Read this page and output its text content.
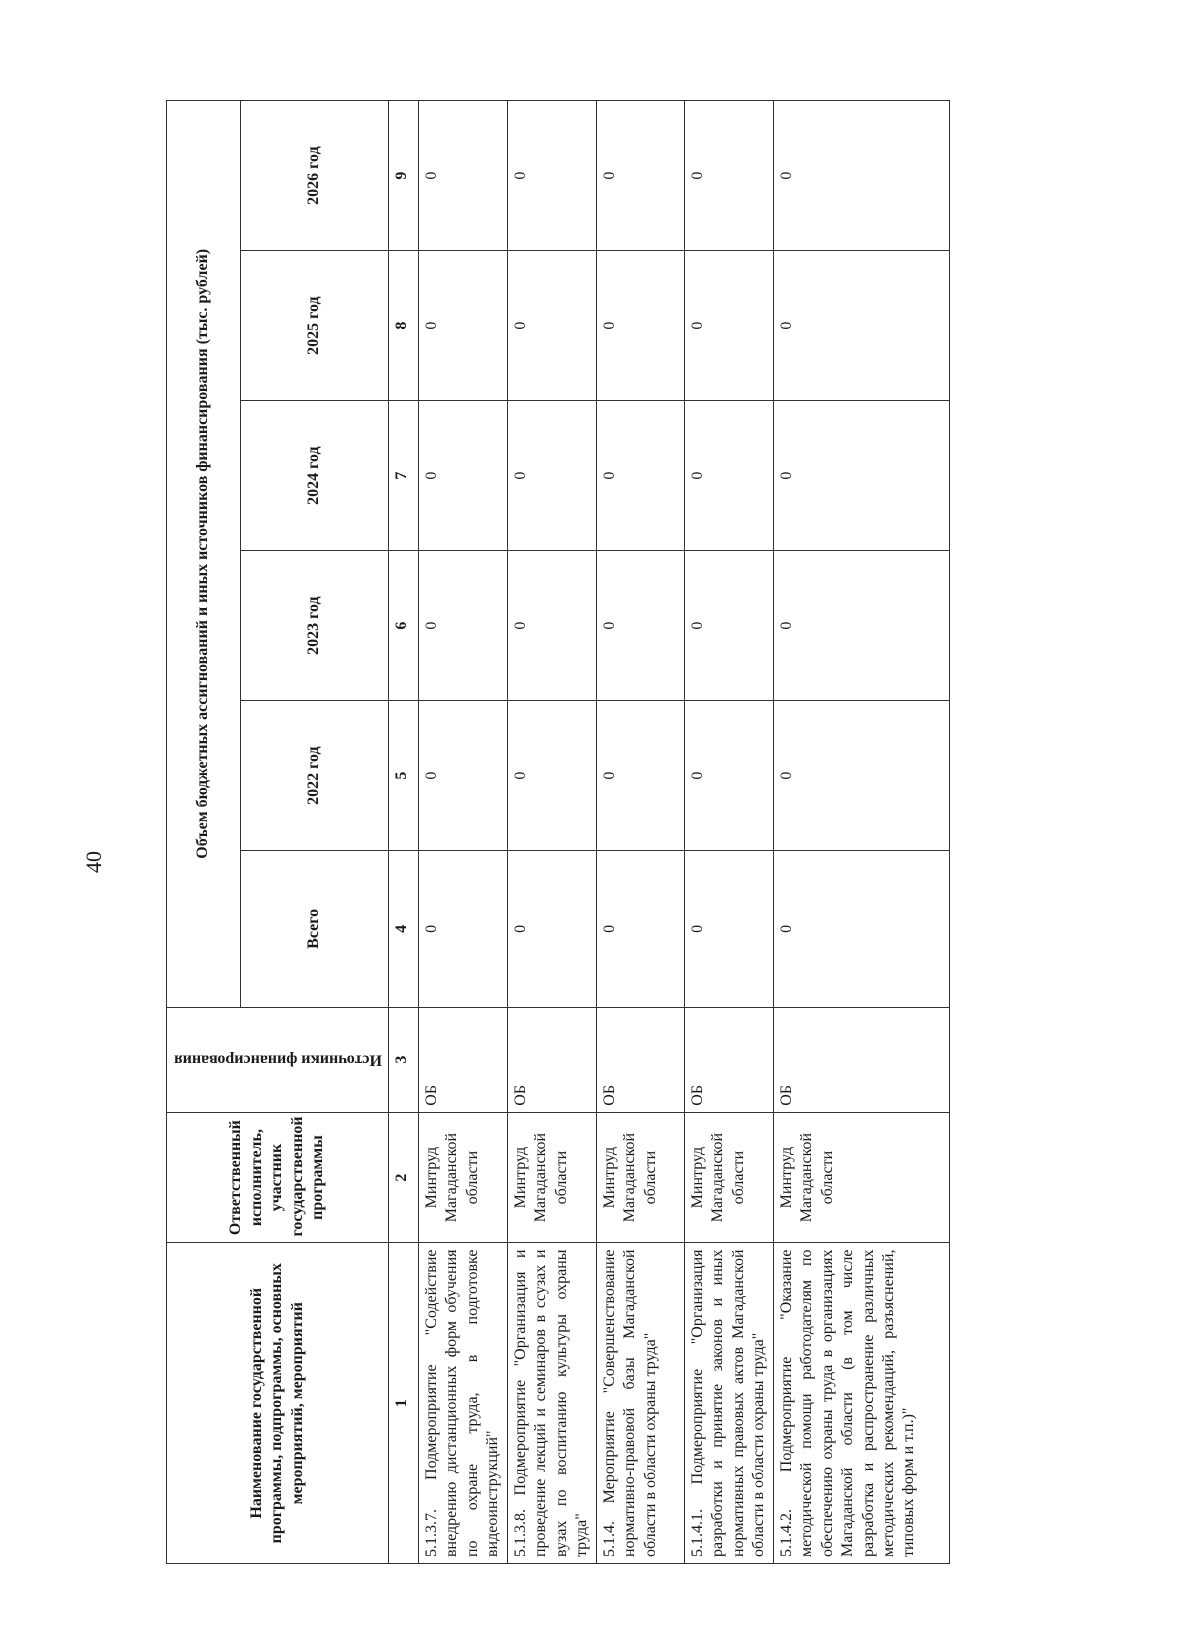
40
Наименование государственной программы, подпрограммы, основных мероприятий, мероприятий	Ответственный исполнитель, участник государственной программы	Источники финансирования	Объем бюджетных ассигнований и иных источников финансирования (тыс. рублей)					
			Всего	2022 год	2023 год	2024 год	2025 год	2026 год
1	2	3	4	5	6	7	8	9
5.1.3.7. Подмероприятие "Содействие внедрению дистанционных форм обучения по охране труда, в подготовке видеоинструкций"	Минтруд Магаданской области	ОБ	0	0	0	0	0	0
5.1.3.8. Подмероприятие "Организация и проведение лекций и семинаров в ссузах и вузах по воспитанию культуры охраны труда"	Минтруд Магаданской области	ОБ	0	0	0	0	0	0
5.1.4. Мероприятие "Совершенствование нормативно-правовой базы Магаданской области в области охраны труда"	Минтруд Магаданской области	ОБ	0	0	0	0	0	0
5.1.4.1. Подмероприятие "Организация разработки и принятие законов и иных нормативных правовых актов Магаданской области в области охраны труда"	Минтруд Магаданской области	ОБ	0	0	0	0	0	0
5.1.4.2. Подмероприятие "Оказание методической помощи работодателям по обеспечению охраны труда в организациях Магаданской области (в том числе разработка и распространение различных методических рекомендаций, разъяснений, типовых форм и т.п.)"	Минтруд Магаданской области	ОБ	0	0	0	0	0	0
